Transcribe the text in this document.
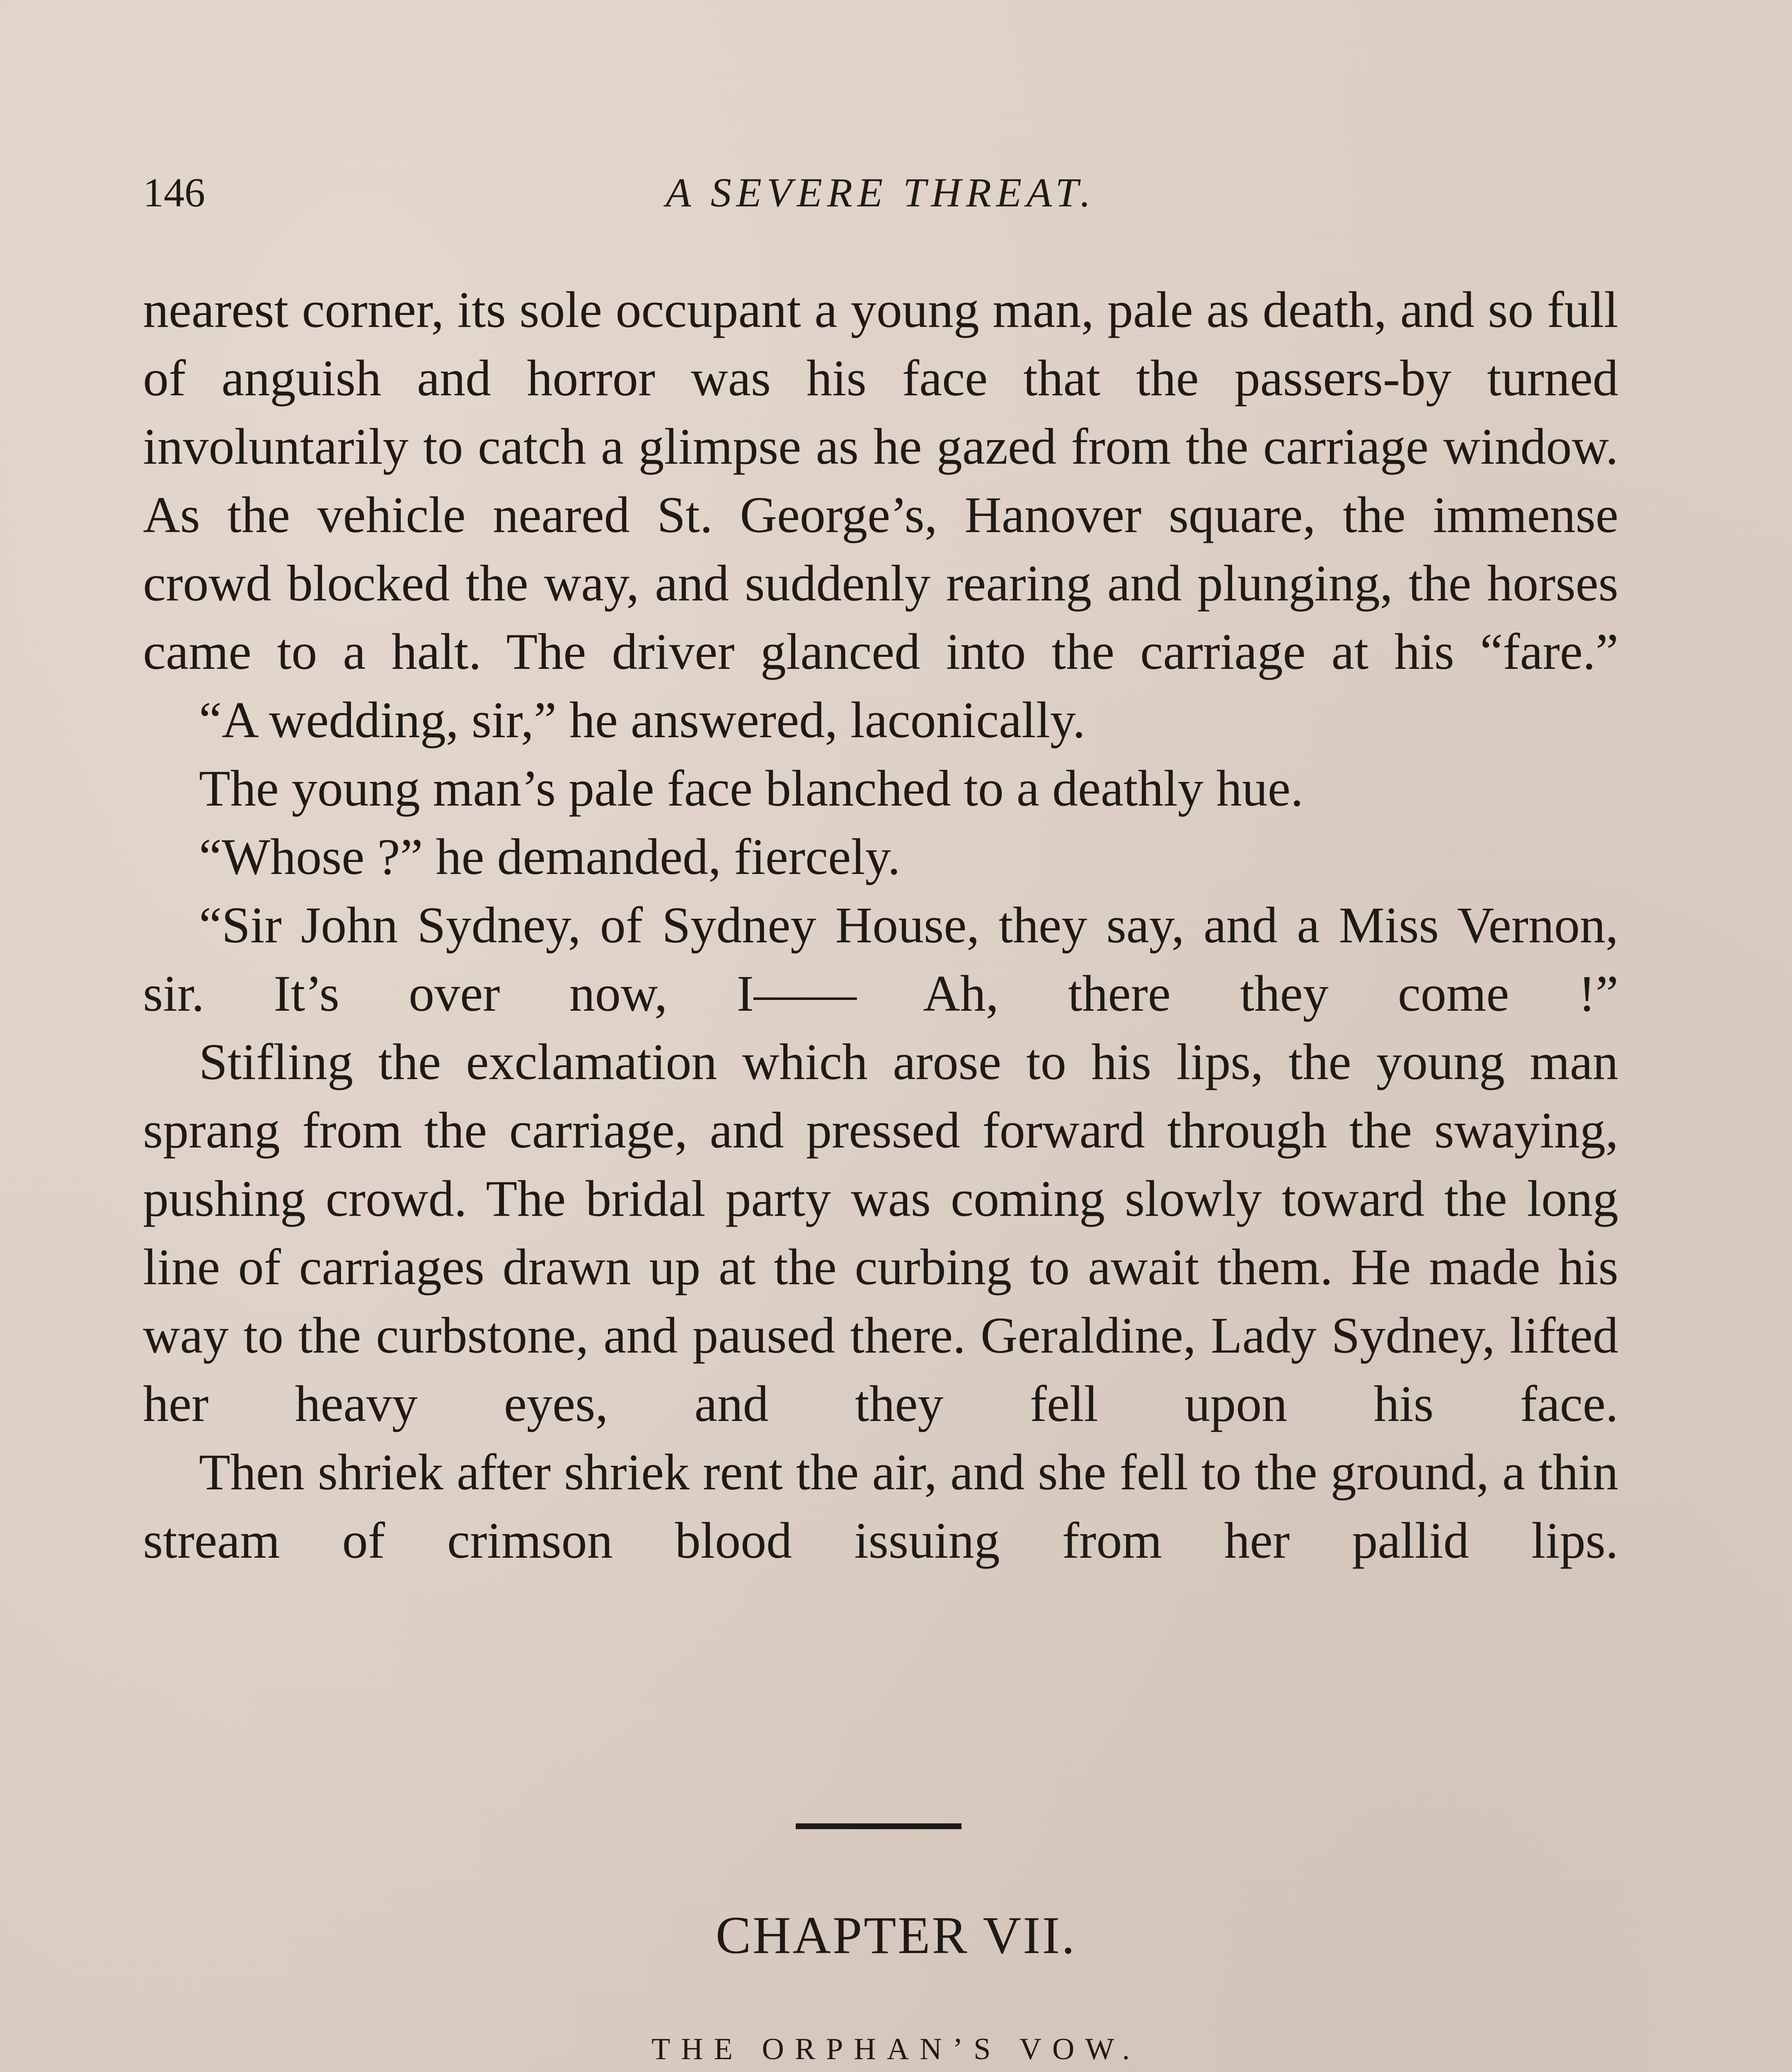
146	A SEVERE THREAT.

nearest corner, its sole occupant a young man, pale as death, and so full of anguish and horror was his face that the passers-by turned involuntarily to catch a glimpse as he gazed from the carriage window. As the vehicle neared St. George’s, Hanover square, the immense crowd blocked the way, and suddenly rearing and plunging, the horses came to a halt. The driver glanced into the carriage at his “fare.”

“A wedding, sir,” he answered, laconically.

The young man’s pale face blanched to a deathly hue.

“Whose ?” he demanded, fiercely.

“Sir John Sydney, of Sydney House, they say, and a Miss Vernon, sir. It’s over now, I—— Ah, there they come !”

Stifling the exclamation which arose to his lips, the young man sprang from the carriage, and pressed forward through the swaying, pushing crowd. The bridal party was coming slowly toward the long line of carriages drawn up at the curbing to await them. He made his way to the curbstone, and paused there. Geraldine, Lady Sydney, lifted her heavy eyes, and they fell upon his face.

Then shriek after shriek rent the air, and she fell to the ground, a thin stream of crimson blood issuing from her pallid lips.

CHAPTER VII.
THE ORPHAN’S VOW.
